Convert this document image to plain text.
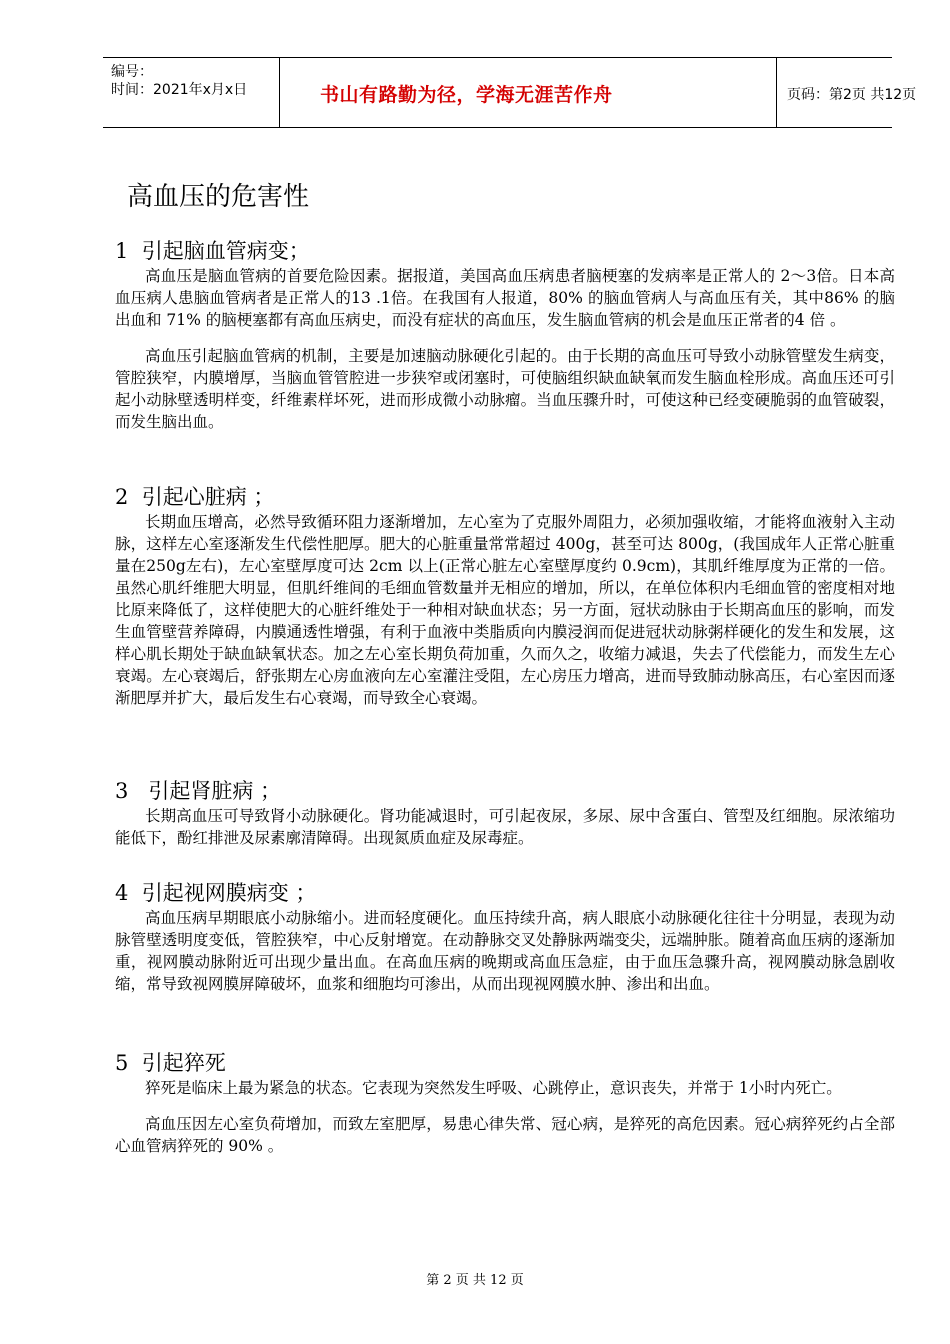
编号：
时间：2021年x月x日	书山有路勤为径，学海无涯苦作舟	页码：第2页 共12页
高血压的危害性
1  引起脑血管病变；

高血压是脑血管病的首要危险因素。据报道，美国高血压病患者脑梗塞的发病率是正常人的 2～3倍。日本高血压病人患脑血管病者是正常人的13 .1倍。在我国有人报道，80% 的脑血管病人与高血压有关，其中86% 的脑出血和 71% 的脑梗塞都有高血压病史，而没有症状的高血压，发生脑血管病的机会是血压正常者的4 倍 。

高血压引起脑血管病的机制，主要是加速脑动脉硬化引起的。由于长期的高血压可导致小动脉管壁发生病变，管腔狭窄，内膜增厚，当脑血管管腔进一步狭窄或闭塞时，可使脑组织缺血缺氧而发生脑血栓形成。高血压还可引起小动脉壁透明样变，纤维素样坏死，进而形成微小动脉瘤。当血压骤升时，可使这种已经变硬脆弱的血管破裂，而发生脑出血。

2  引起心脏病 ；

长期血压增高，必然导致循环阻力逐渐增加，左心室为了克服外周阻力，必须加强收缩，才能将血液射入主动脉，这样左心室逐渐发生代偿性肥厚。肥大的心脏重量常常超过 400g，甚至可达 800g，(我国成年人正常心脏重量在250g左右)，左心室壁厚度可达 2cm 以上(正常心脏左心室壁厚度约 0.9cm)，其肌纤维厚度为正常的一倍。虽然心肌纤维肥大明显，但肌纤维间的毛细血管数量并无相应的增加，所以，在单位体积内毛细血管的密度相对地比原来降低了，这样使肥大的心脏纤维处于一种相对缺血状态；另一方面，冠状动脉由于长期高血压的影响，而发生血管壁营养障碍，内膜通透性增强，有利于血液中类脂质向内膜浸润而促进冠状动脉粥样硬化的发生和发展，这样心肌长期处于缺血缺氧状态。加之左心室长期负荷加重，久而久之，收缩力减退，失去了代偿能力，而发生左心衰竭。左心衰竭后，舒张期左心房血液向左心室灌注受阻，左心房压力增高，进而导致肺动脉高压，右心室因而逐渐肥厚并扩大，最后发生右心衰竭，而导致全心衰竭。

3   引起肾脏病 ；

长期高血压可导致肾小动脉硬化。肾功能减退时，可引起夜尿，多尿、尿中含蛋白、管型及红细胞。尿浓缩功能低下，酚红排泄及尿素廓清障碍。出现氮质血症及尿毒症。

4  引起视网膜病变 ；

高血压病早期眼底小动脉缩小。进而轻度硬化。血压持续升高，病人眼底小动脉硬化往往十分明显，表现为动脉管壁透明度变低，管腔狭窄，中心反射增宽。在动静脉交叉处静脉两端变尖，远端肿胀。随着高血压病的逐渐加重，视网膜动脉附近可出现少量出血。在高血压病的晚期或高血压急症，由于血压急骤升高，视网膜动脉急剧收缩，常导致视网膜屏障破坏，血浆和细胞均可渗出，从而出现视网膜水肿、渗出和出血。

5  引起猝死

猝死是临床上最为紧急的状态。它表现为突然发生呼吸、心跳停止，意识丧失，并常于 1小时内死亡。

高血压因左心室负荷增加，而致左室肥厚，易患心律失常、冠心病，是猝死的高危因素。冠心病猝死约占全部心血管病猝死的 90% 。

第 2 页 共 12 页
